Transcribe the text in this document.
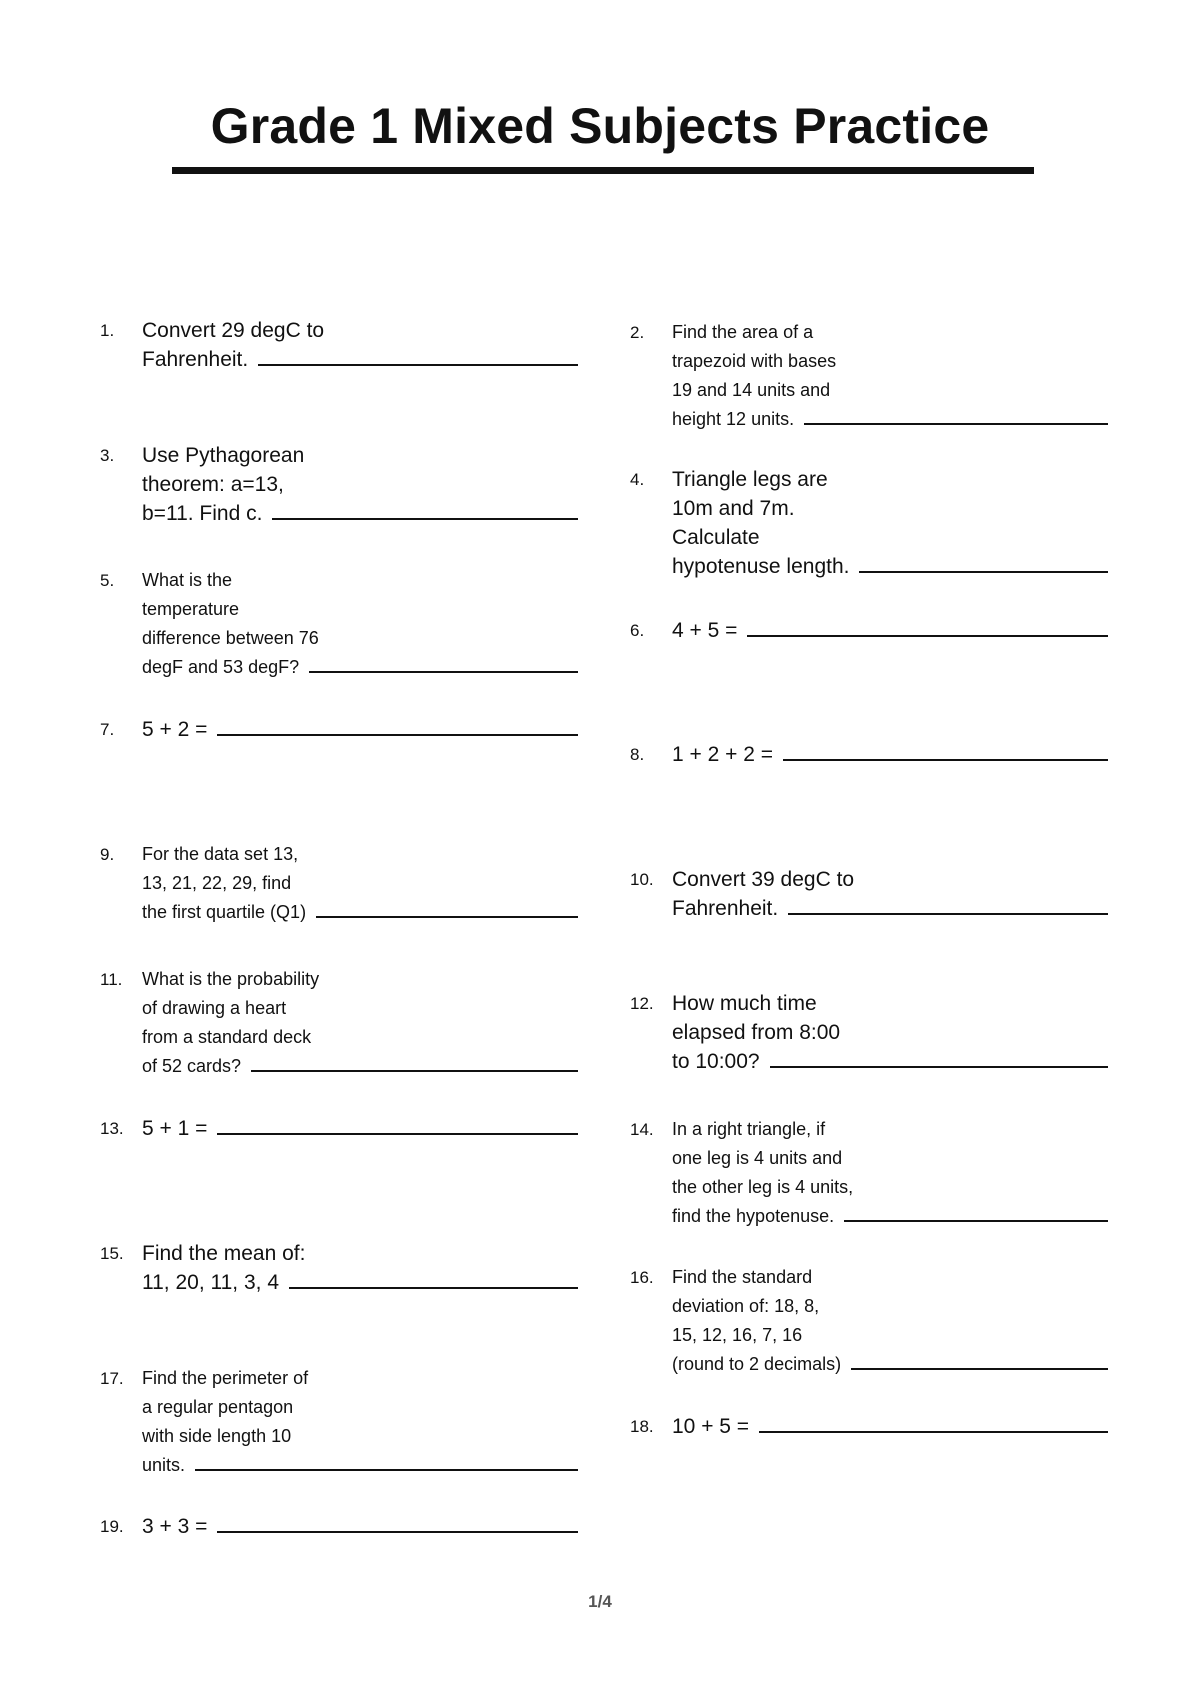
Grade 1 Mixed Subjects Practice
1. Convert 29 degC to
Fahrenheit.
2. Find the area of a
trapezoid with bases
19 and 14 units and
height 12 units.
3. Use Pythagorean
theorem: a=13,
b=11. Find c.
4. Triangle legs are
10m and 7m.
Calculate
hypotenuse length.
5. What is the
temperature
difference between 76
degF and 53 degF?
6. 4 + 5 =
7. 5 + 2 =
8. 1 + 2 + 2 =
9. For the data set 13,
13, 21, 22, 29, find
the first quartile (Q1)
10. Convert 39 degC to
Fahrenheit.
11. What is the probability
of drawing a heart
from a standard deck
of 52 cards?
12. How much time
elapsed from 8:00
to 10:00?
13. 5 + 1 =	14. In a right triangle, if
one leg is 4 units and
the other leg is 4 units,
find the hypotenuse.
15. Find the mean of:
11, 20, 11, 3, 4	16. Find the standard
deviation of: 18, 8,
15, 12, 16, 7, 16
(round to 2 decimals)
17. Find the perimeter of
a regular pentagon
with side length 10
units.
18. 10 + 5 =
19. 3 + 3 =
1/4
